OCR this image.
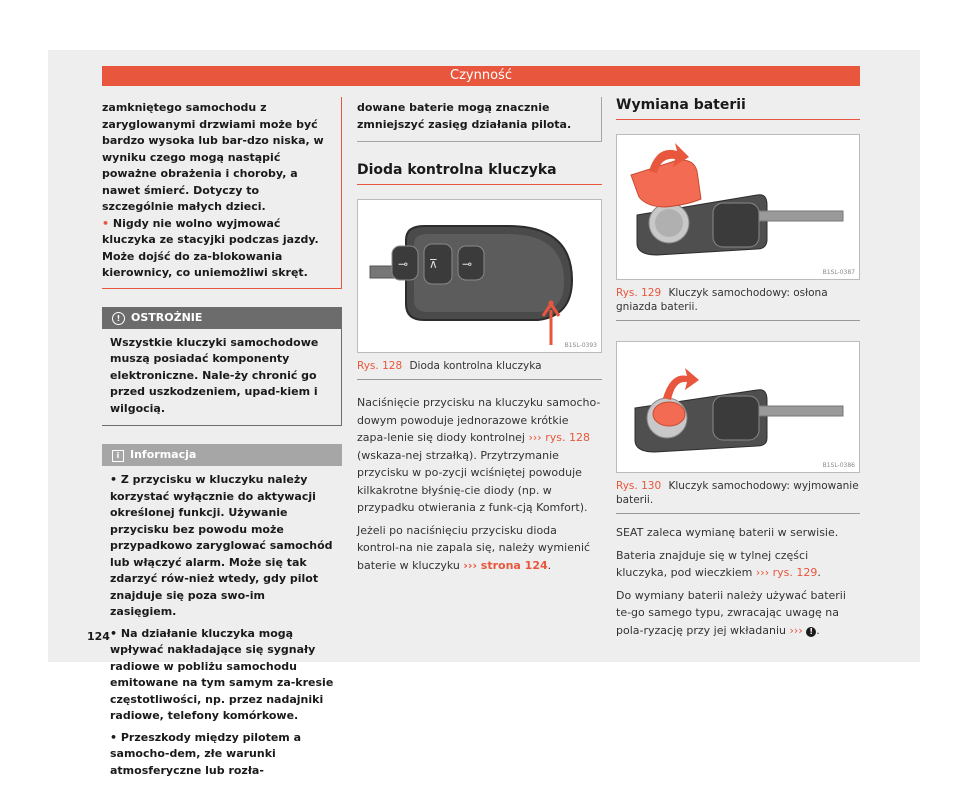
Czynność

zamkniętego samochodu z zaryglowanymi drzwiami może być bardzo wysoka lub bar-dzo niska, w wyniku czego mogą nastąpić poważne obrażenia i choroby, a nawet śmierć. Dotyczy to szczególnie małych dzieci.

• Nigdy nie wolno wyjmować kluczyka ze stacyjki podczas jazdy. Może dojść do za-blokowania kierownicy, co uniemożliwi skręt.

! OSTROŻNIE

Wszystkie kluczyki samochodowe muszą posiadać komponenty elektroniczne. Nale-ży chronić go przed uszkodzeniem, upad-kiem i wilgocią.

i Informacja

• Z przycisku w kluczyku należy korzystać wyłącznie do aktywacji określonej funkcji. Używanie przycisku bez powodu może przypadkowo zaryglować samochód lub włączyć alarm. Może się tak zdarzyć rów-nież wtedy, gdy pilot znajduje się poza swo-im zasięgiem.

• Na działanie kluczyka mogą wpływać nakładające się sygnały radiowe w pobliżu samochodu emitowane na tym samym za-kresie częstotliwości, np. przez nadajniki radiowe, telefony komórkowe.

• Przeszkody między pilotem a samocho-dem, złe warunki atmosferyczne lub rozła-

dowane baterie mogą znacznie zmniejszyć zasięg działania pilota.

Dioda kontrolna kluczyka
⊸ ⊼ ⊸
B1SL-0393
Rys. 128 Dioda kontrolna kluczyka

Naciśnięcie przycisku na kluczyku samocho-dowym powoduje jednorazowe krótkie zapa-lenie się diody kontrolnej ››› rys. 128 (wskaza-nej strzałką). Przytrzymanie przycisku w po-zycji wciśniętej powoduje kilkakrotne błyśnię-cie diody (np. w przypadku otwierania z funk-cją Komfort).

Jeżeli po naciśnięciu przycisku dioda kontrol-na nie zapala się, należy wymienić baterie w kluczyku ››› strona 124.

Wymiana baterii
B1SL-0387
Rys. 129 Kluczyk samochodowy: osłona gniazda baterii.
B1SL-0386
Rys. 130 Kluczyk samochodowy: wyjmowanie baterii.

SEAT zaleca wymianę baterii w serwisie.

Bateria znajduje się w tylnej części kluczyka, pod wieczkiem ››› rys. 129.

Do wymiany baterii należy używać baterii te-go samego typu, zwracając uwagę na pola-ryzację przy jej wkładaniu ››› ! .

124
